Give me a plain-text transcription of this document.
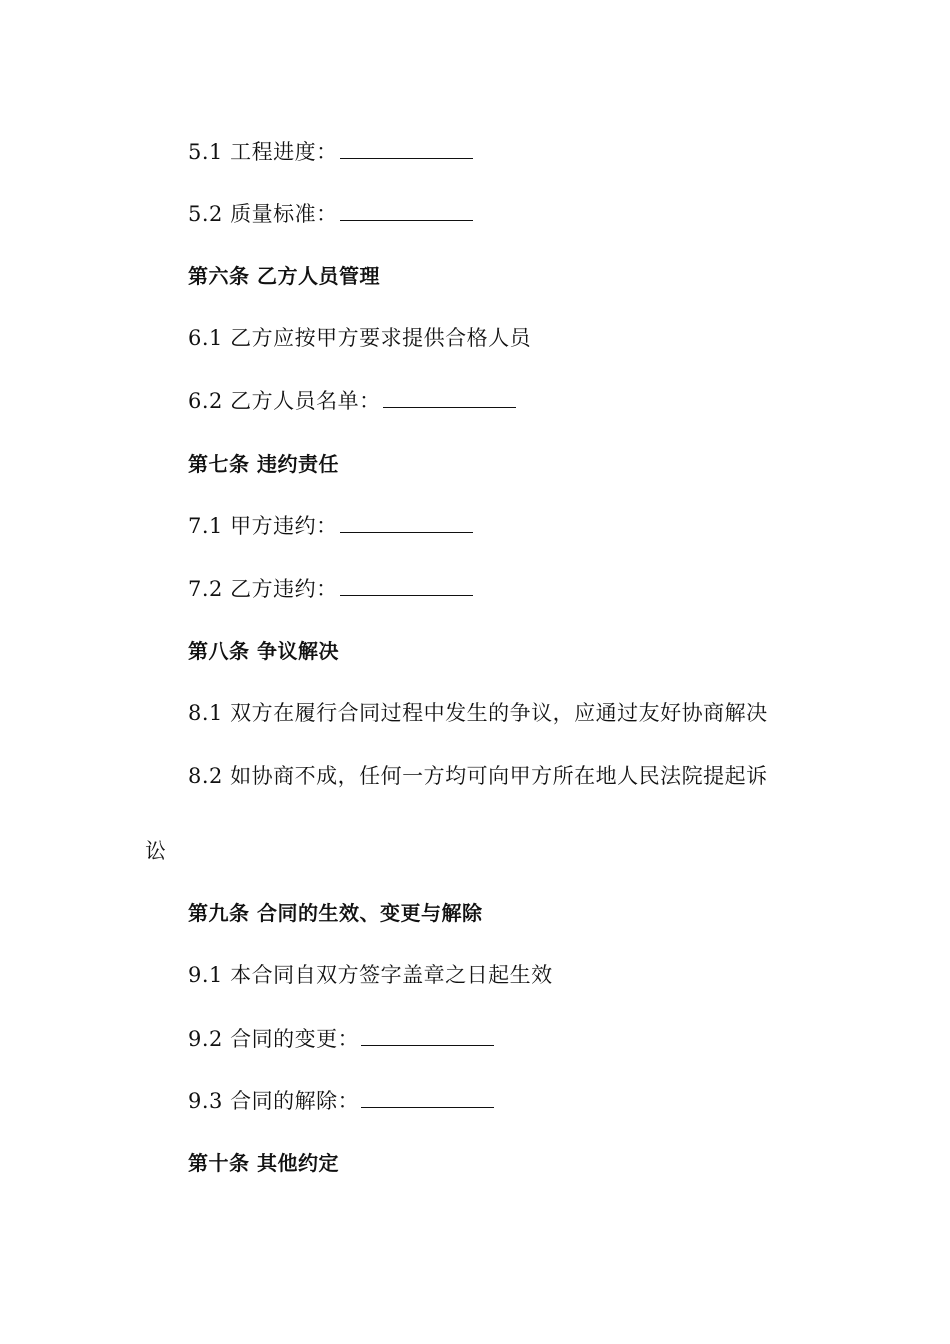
5.1 工程进度：
5.2 质量标准：
第六条 乙方人员管理
6.1 乙方应按甲方要求提供合格人员
6.2 乙方人员名单：
第七条 违约责任
7.1 甲方违约：
7.2 乙方违约：
第八条 争议解决
8.1 双方在履行合同过程中发生的争议，应通过友好协商解决
8.2 如协商不成，任何一方均可向甲方所在地人民法院提起诉
讼
第九条 合同的生效、变更与解除
9.1 本合同自双方签字盖章之日起生效
9.2 合同的变更：
9.3 合同的解除：
第十条 其他约定
